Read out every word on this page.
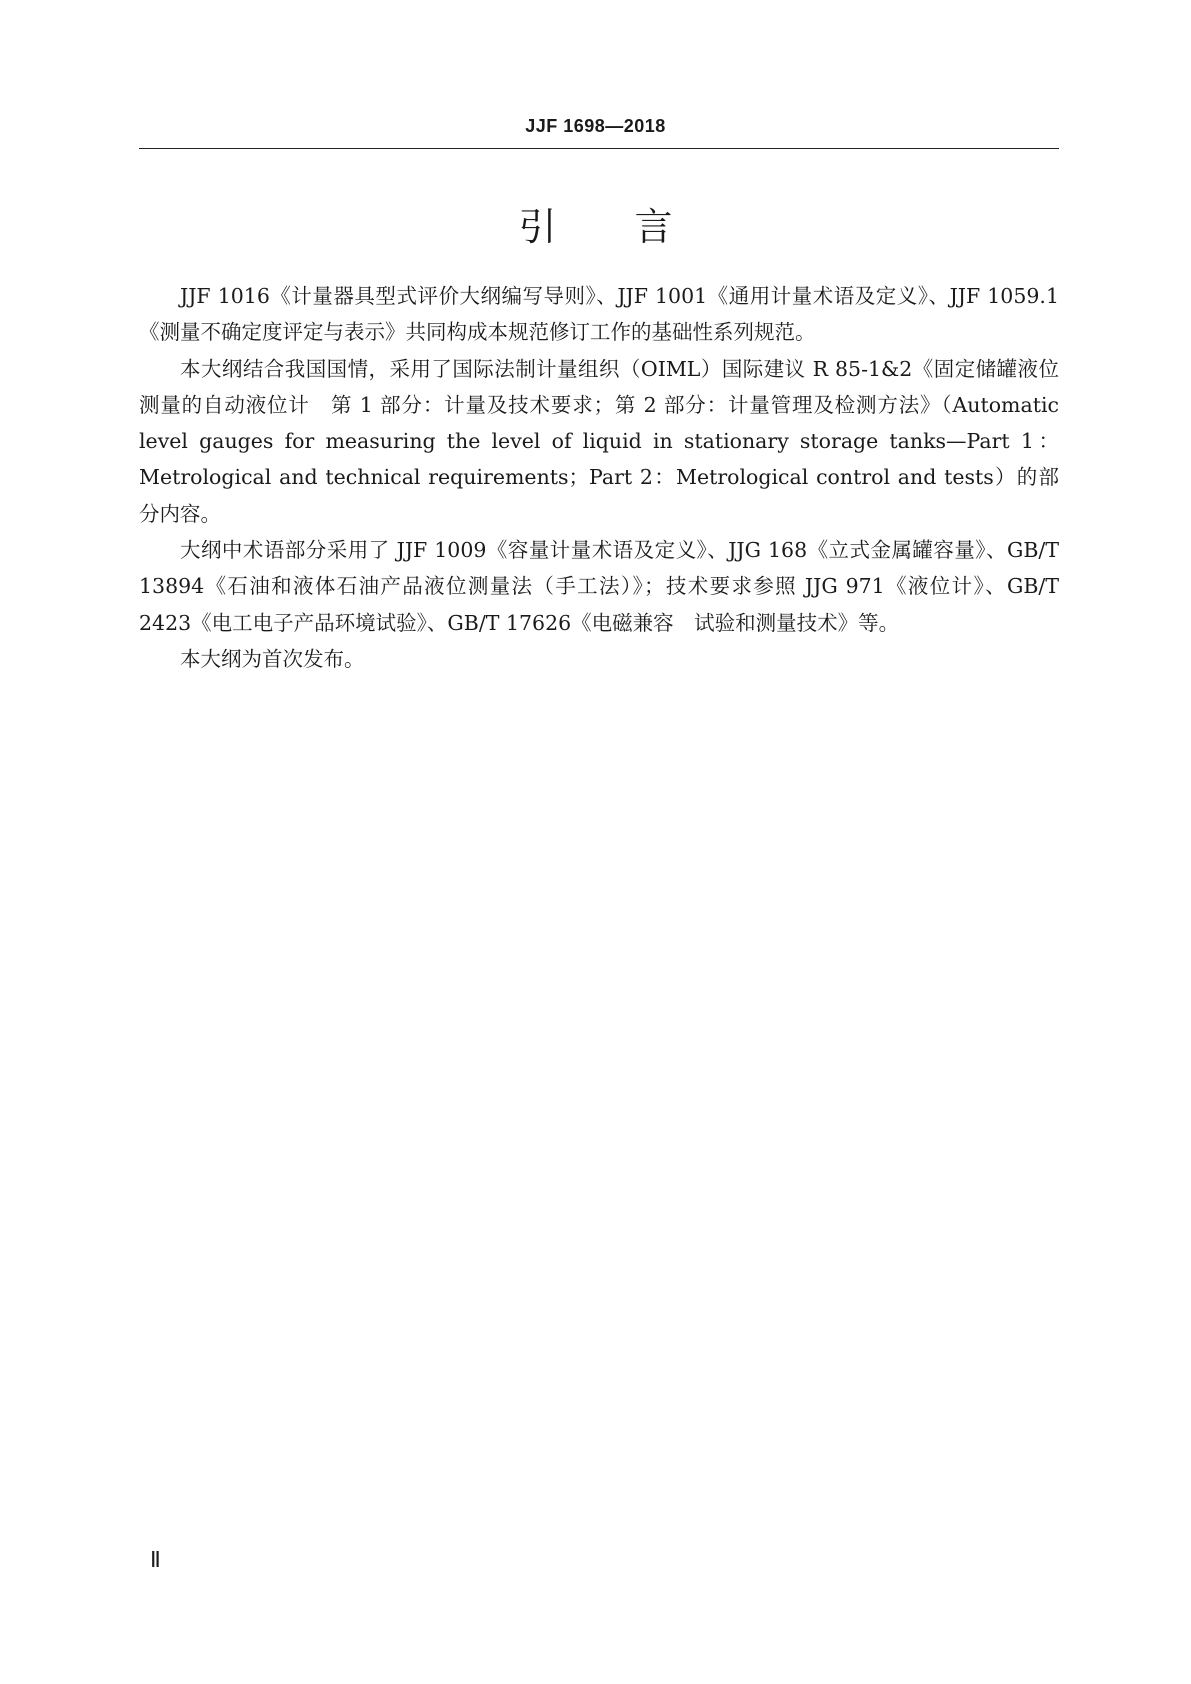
JJF 1698—2018
引言

JJF 1016《计量器具型式评价大纲编写导则》、JJF 1001《通用计量术语及定义》、JJF 1059.1《测量不确定度评定与表示》共同构成本规范修订工作的基础性系列规范。

本大纲结合我国国情，采用了国际法制计量组织（OIML）国际建议 R 85-1&2《固定储罐液位测量的自动液位计　第 1 部分：计量及技术要求；第 2 部分：计量管理及检测方法》（Automatic level gauges for measuring the level of liquid in stationary storage tanks—Part 1：Metrological and technical requirements；Part 2：Metrological control and tests）的部分内容。

大纲中术语部分采用了 JJF 1009《容量计量术语及定义》、JJG 168《立式金属罐容量》、GB/T 13894《石油和液体石油产品液位测量法（手工法）》；技术要求参照 JJG 971《液位计》、GB/T 2423《电工电子产品环境试验》、GB/T 17626《电磁兼容　试验和测量技术》等。

本大纲为首次发布。

Ⅱ
